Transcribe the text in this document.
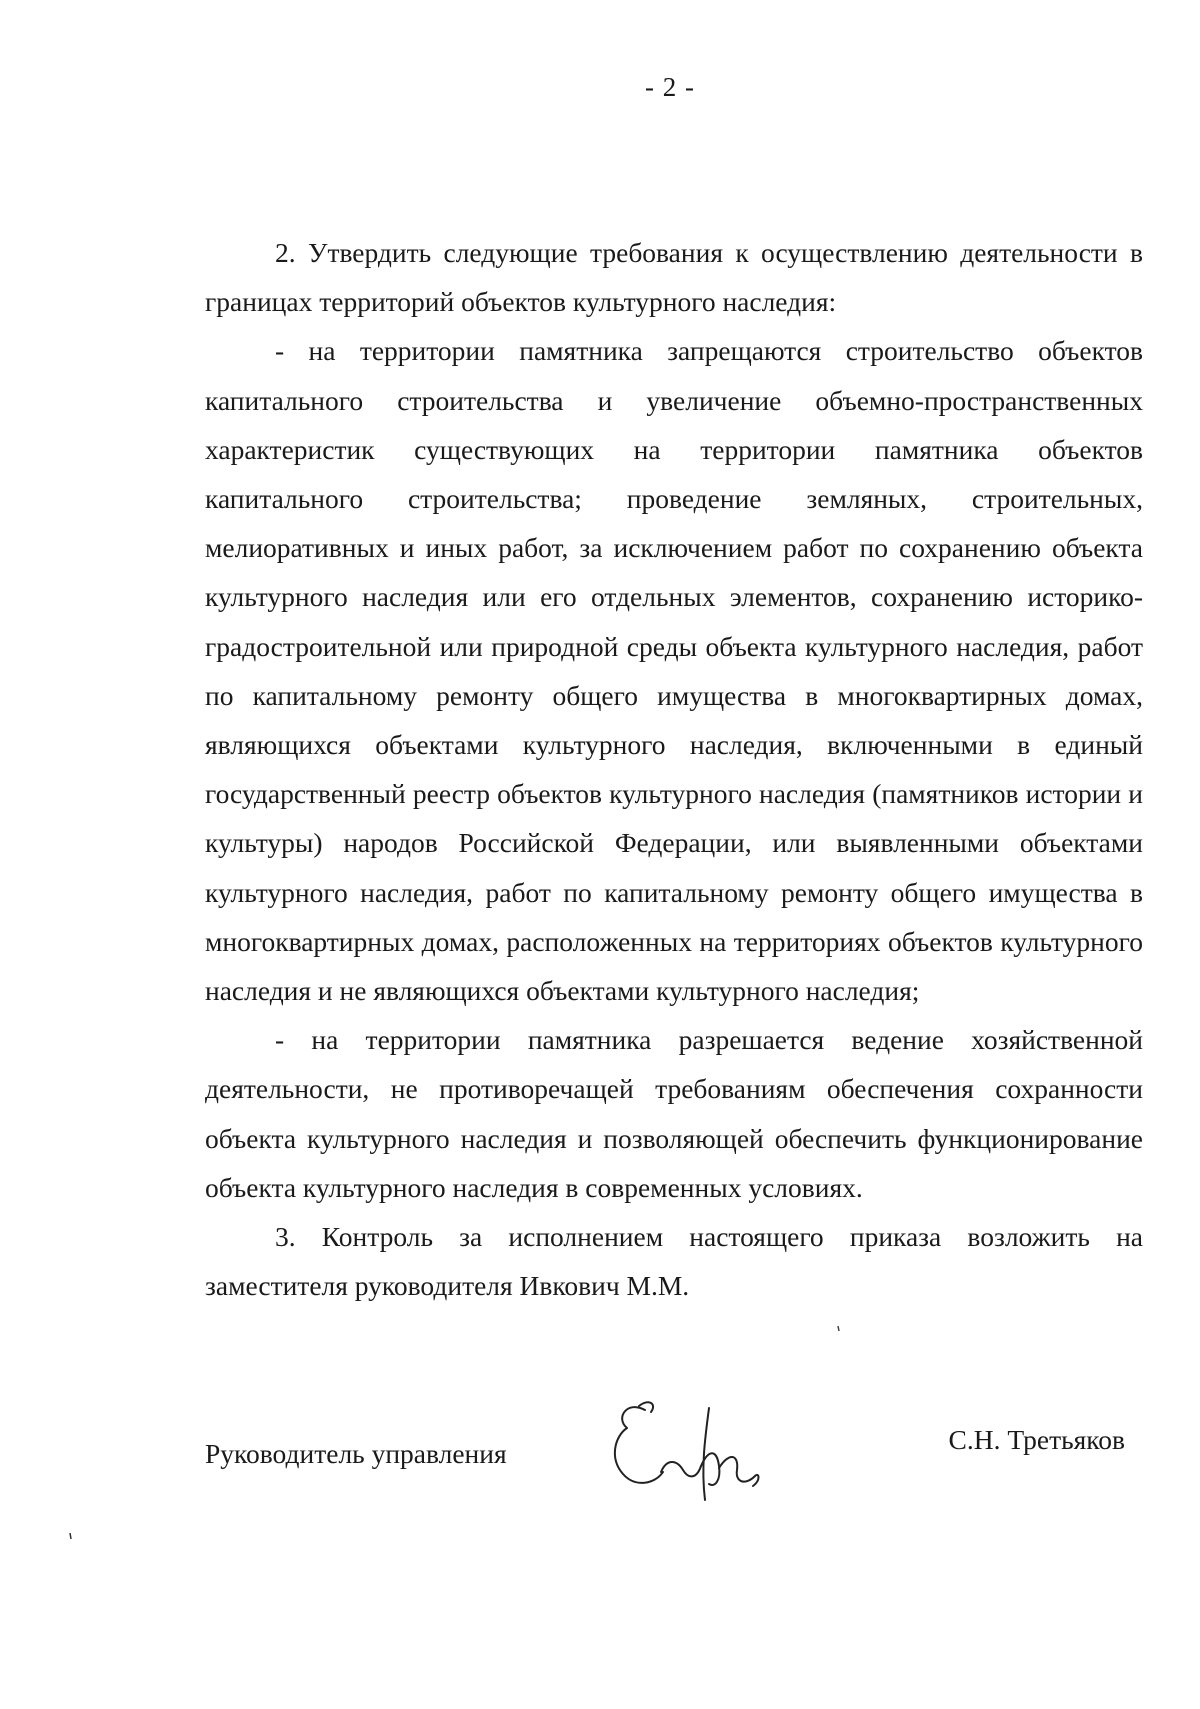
- 2 -

2. Утвердить следующие требования к осуществлению деятельности в границах территорий объектов культурного наследия:

- на территории памятника запрещаются строительство объектов капитального строительства и увеличение объемно-пространственных характеристик существующих на территории памятника объектов капитального строительства; проведение земляных, строительных, мелиоративных и иных работ, за исключением работ по сохранению объекта культурного наследия или его отдельных элементов, сохранению историко-градостроительной или природной среды объекта культурного наследия, работ по капитальному ремонту общего имущества в многоквартирных домах, являющихся объектами культурного наследия, включенными в единый государственный реестр объектов культурного наследия (памятников истории и культуры) народов Российской Федерации, или выявленными объектами культурного наследия, работ по капитальному ремонту общего имущества в многоквартирных домах, расположенных на территориях объектов культурного наследия и не являющихся объектами культурного наследия;

- на территории памятника разрешается ведение хозяйственной деятельности, не противоречащей требованиям обеспечения сохранности объекта культурного наследия и позволяющей обеспечить функционирование объекта культурного наследия в современных условиях.

3. Контроль за исполнением настоящего приказа возложить на заместителя руководителя Ивкович М.М.

Руководитель управления	С.Н. Третьяков
